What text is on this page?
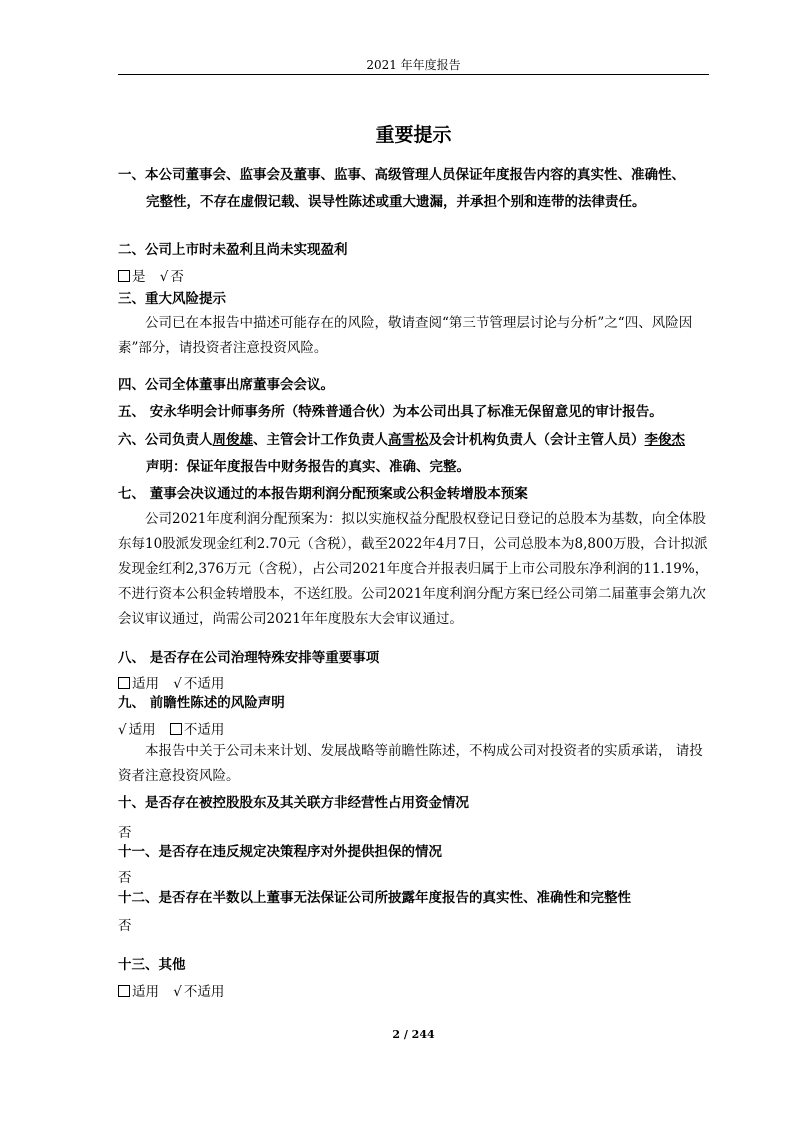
2021 年年度报告
重要提示
一、本公司董事会、监事会及董事、监事、高级管理人员保证年度报告内容的真实性、准确性、
完整性，不存在虚假记载、误导性陈述或重大遗漏，并承担个别和连带的法律责任。
二、公司上市时未盈利且尚未实现盈利
是 √ 否
三、重大风险提示
公司已在本报告中描述可能存在的风险，敬请查阅“第三节管理层讨论与分析”之“四、风险因素”部分，请投资者注意投资风险。
四、公司全体董事出席董事会会议。
五、 安永华明会计师事务所（特殊普通合伙）为本公司出具了标准无保留意见的审计报告。
六、公司负责人周俊雄、主管会计工作负责人高雪松及会计机构负责人（会计主管人员）李俊杰
声明：保证年度报告中财务报告的真实、准确、完整。
七、 董事会决议通过的本报告期利润分配预案或公积金转增股本预案
公司2021年度利润分配预案为：拟以实施权益分配股权登记日登记的总股本为基数，向全体股东每10股派发现金红利2.70元（含税），截至2022年4月7日，公司总股本为8,800万股，合计拟派发现金红利2,376万元（含税），占公司2021年度合并报表归属于上市公司股东净利润的11.19%，不进行资本公积金转增股本，不送红股。公司2021年度利润分配方案已经公司第二届董事会第九次会议审议通过，尚需公司2021年年度股东大会审议通过。
八、 是否存在公司治理特殊安排等重要事项
适用 √ 不适用
九、 前瞻性陈述的风险声明
√ 适用 不适用
本报告中关于公司未来计划、发展战略等前瞻性陈述，不构成公司对投资者的实质承诺， 请投资者注意投资风险。
十、是否存在被控股股东及其关联方非经营性占用资金情况
否
十一、是否存在违反规定决策程序对外提供担保的情况
否
十二、是否存在半数以上董事无法保证公司所披露年度报告的真实性、准确性和完整性
否
十三、其他
适用 √ 不适用
2 / 244
